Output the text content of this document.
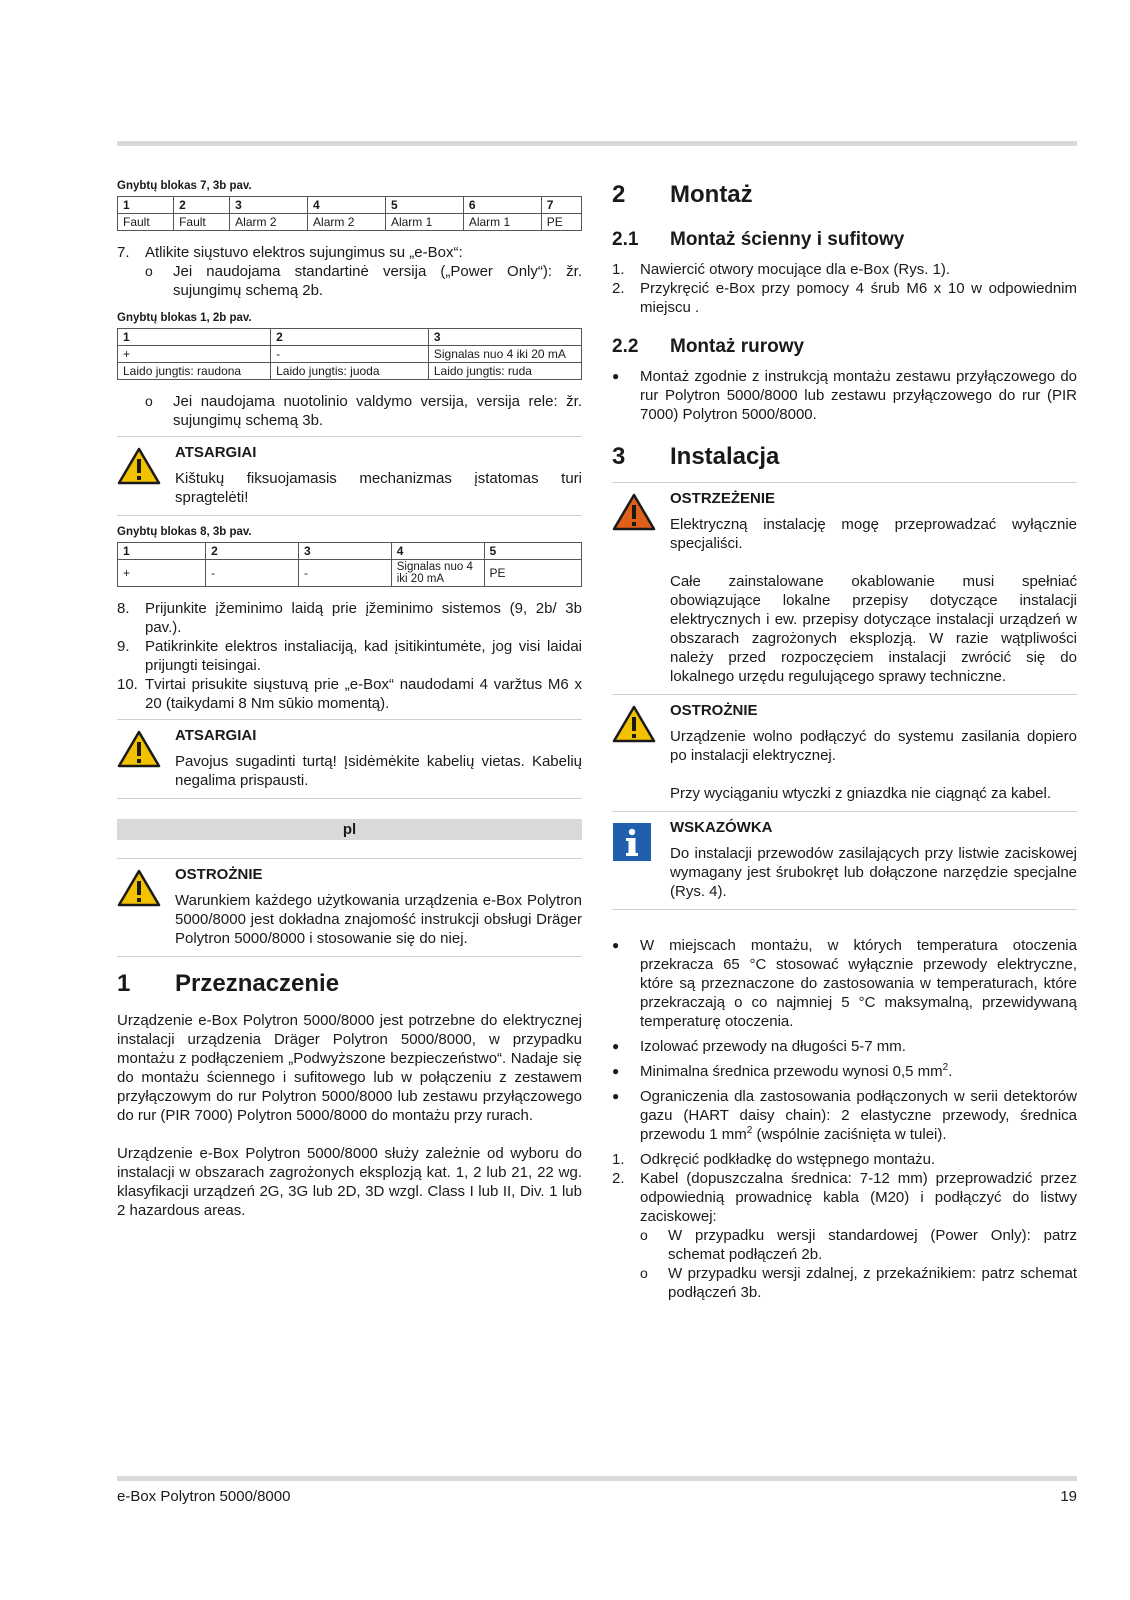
Gnybtų blokas 7, 3b pav.
1	2	3	4	5	6	7
Fault	Fault	Alarm 2	Alarm 2	Alarm 1	Alarm 1	PE
7.	Atlikite siųstuvo elektros sujungimus su „e-Box“:
o	Jei naudojama standartinė versija („Power Only“): žr. sujungimų schemą 2b.
Gnybtų blokas 1, 2b pav.
1	2	3
+	-	Signalas nuo 4 iki 20 mA
Laido jungtis: raudona	Laido jungtis: juoda	Laido jungtis: ruda
o	Jei naudojama nuotolinio valdymo versija, versija rele: žr. sujungimų schemą 3b.
ATSARGIAI

Kištukų fiksuojamasis mechanizmas įstatomas turi spragtelėti!

Gnybtų blokas 8, 3b pav.
1	2	3	4	5
+	-	-	Signalas nuo 4 iki 20 mA	PE
8.	Prijunkite įžeminimo laidą prie įžeminimo sistemos (9, 2b/ 3b pav.).
9.	Patikrinkite elektros instaliaciją, kad įsitikintumėte, jog visi laidai prijungti teisingai.
10. Tvirtai prisukite siųstuvą prie „e-Box“ naudodami 4 varžtus M6 x 20 (taikydami 8 Nm sūkio momentą).
ATSARGIAI

Pavojus sugadinti turtą! Įsidėmėkite kabelių vietas. Kabelių negalima prispausti.

pl
OSTROŻNIE

Warunkiem każdego użytkowania urządzenia e-Box Polytron 5000/8000 jest dokładna znajomość instrukcji obsługi Dräger Polytron 5000/8000 i stosowanie się do niej.

1	Przeznaczenie

Urządzenie e-Box Polytron 5000/8000 jest potrzebne do elektrycznej instalacji urządzenia Dräger Polytron 5000/8000, w przypadku montażu z podłączeniem „Podwyższone bezpieczeństwo“. Nadaje się do montażu ściennego i sufitowego lub w połączeniu z zestawem przyłączowym do rur Polytron 5000/8000 lub zestawu przyłączowego do rur (PIR 7000) Polytron 5000/8000 do montażu przy rurach.

Urządzenie e-Box Polytron 5000/8000 służy zależnie od wyboru do instalacji w obszarach zagrożonych eksplozją kat. 1, 2 lub 21, 22 wg. klasyfikacji urządzeń 2G, 3G lub 2D, 3D wzgl. Class I lub II, Div. 1 lub 2 hazardous areas.

2	Montaż
2.1	Montaż ścienny i sufitowy
1.	Nawiercić otwory mocujące dla e-Box (Rys. 1).
2.	Przykręcić e-Box przy pomocy 4 śrub M6 x 10 w odpowiednim miejscu .
2.2	Montaż rurowy
●	Montaż zgodnie z instrukcją montażu zestawu przyłączowego do rur Polytron 5000/8000 lub zestawu przyłączowego do rur (PIR 7000) Polytron 5000/8000.
3	Instalacja
OSTRZEŻENIE

Elektryczną instalację mogę przeprowadzać wyłącznie specjaliści.

Całe zainstalowane okablowanie musi spełniać obowiązujące lokalne przepisy dotyczące instalacji elektrycznych i ew. przepisy dotyczące instalacji urządzeń w obszarach zagrożonych eksplozją. W razie wątpliwości należy przed rozpoczęciem instalacji zwrócić się do lokalnego urzędu regulującego sprawy techniczne.

OSTROŻNIE

Urządzenie wolno podłączyć do systemu zasilania dopiero po instalacji elektrycznej.

Przy wyciąganiu wtyczki z gniazdka nie ciągnąć za kabel.

WSKAZÓWKA

Do instalacji przewodów zasilających przy listwie zaciskowej wymagany jest śrubokręt lub dołączone narzędzie specjalne (Rys. 4).

●	W miejscach montażu, w których temperatura otoczenia przekracza 65 °C stosować wyłącznie przewody elektryczne, które są przeznaczone do zastosowania w temperaturach, które przekraczają o co najmniej 5 °C maksymalną, przewidywaną temperaturę otoczenia.
●	Izolować przewody na długości 5-7 mm.
●	Minimalna średnica przewodu wynosi 0,5 $mm^2$.
●	Ograniczenia dla zastosowania podłączonych w serii detektorów gazu (HART daisy chain): 2 elastyczne przewody, średnica przewodu 1 $mm^2$ (wspólnie zaciśnięta w tulei).
1.	Odkręcić podkładkę do wstępnego montażu.
2.	Kabel (dopuszczalna średnica: 7-12 mm) przeprowadzić przez odpowiednią prowadnicę kabla (M20) i podłączyć do listwy zaciskowej:
o	W przypadku wersji standardowej (Power Only): patrz schemat podłączeń 2b.
o	W przypadku wersji zdalnej, z przekaźnikiem: patrz schemat podłączeń 3b.
e-Box Polytron 5000/8000	19
